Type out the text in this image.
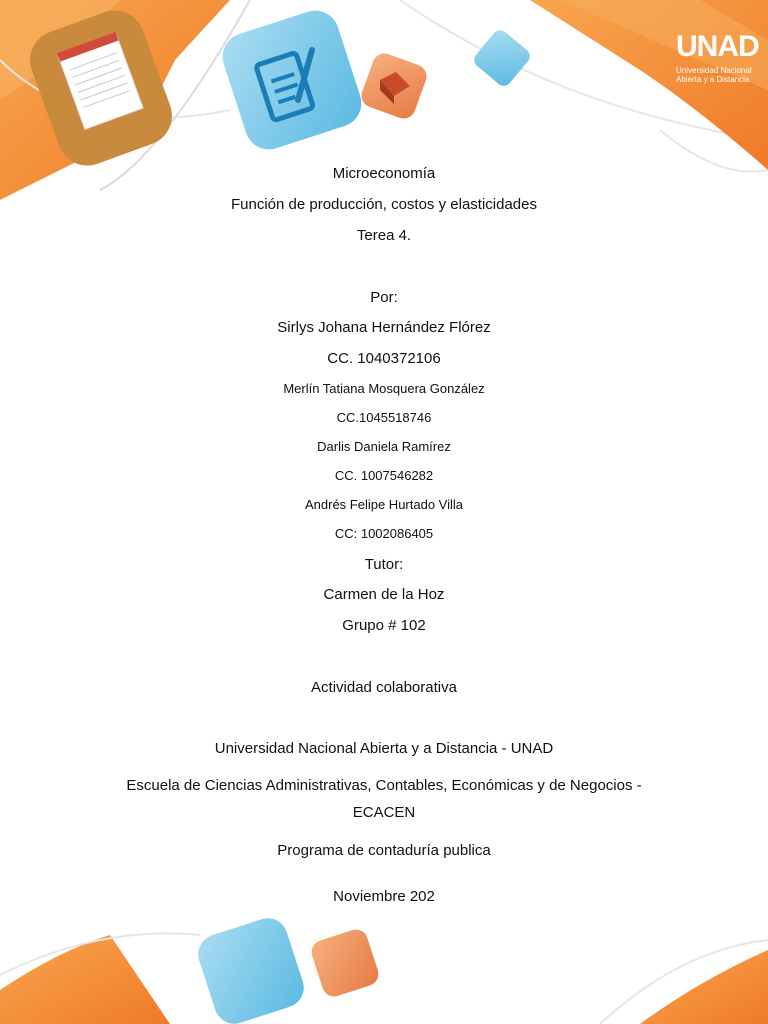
UNAD
Universidad Nacional
Abierta y a Distancia
Microeconomía
Función de producción, costos y elasticidades
Terea 4.
Por:
Sirlys Johana Hernández Flórez
CC. 1040372106
Merlín Tatiana Mosquera González
CC.1045518746
Darlis Daniela Ramírez
CC. 1007546282
Andrés Felipe Hurtado Villa
CC: 1002086405
Tutor:
Carmen de la Hoz
Grupo # 102
Actividad colaborativa
Universidad Nacional Abierta y a Distancia - UNAD
Escuela de Ciencias Administrativas, Contables, Económicas y de Negocios -
ECACEN
Programa de contaduría publica
Noviembre 202
